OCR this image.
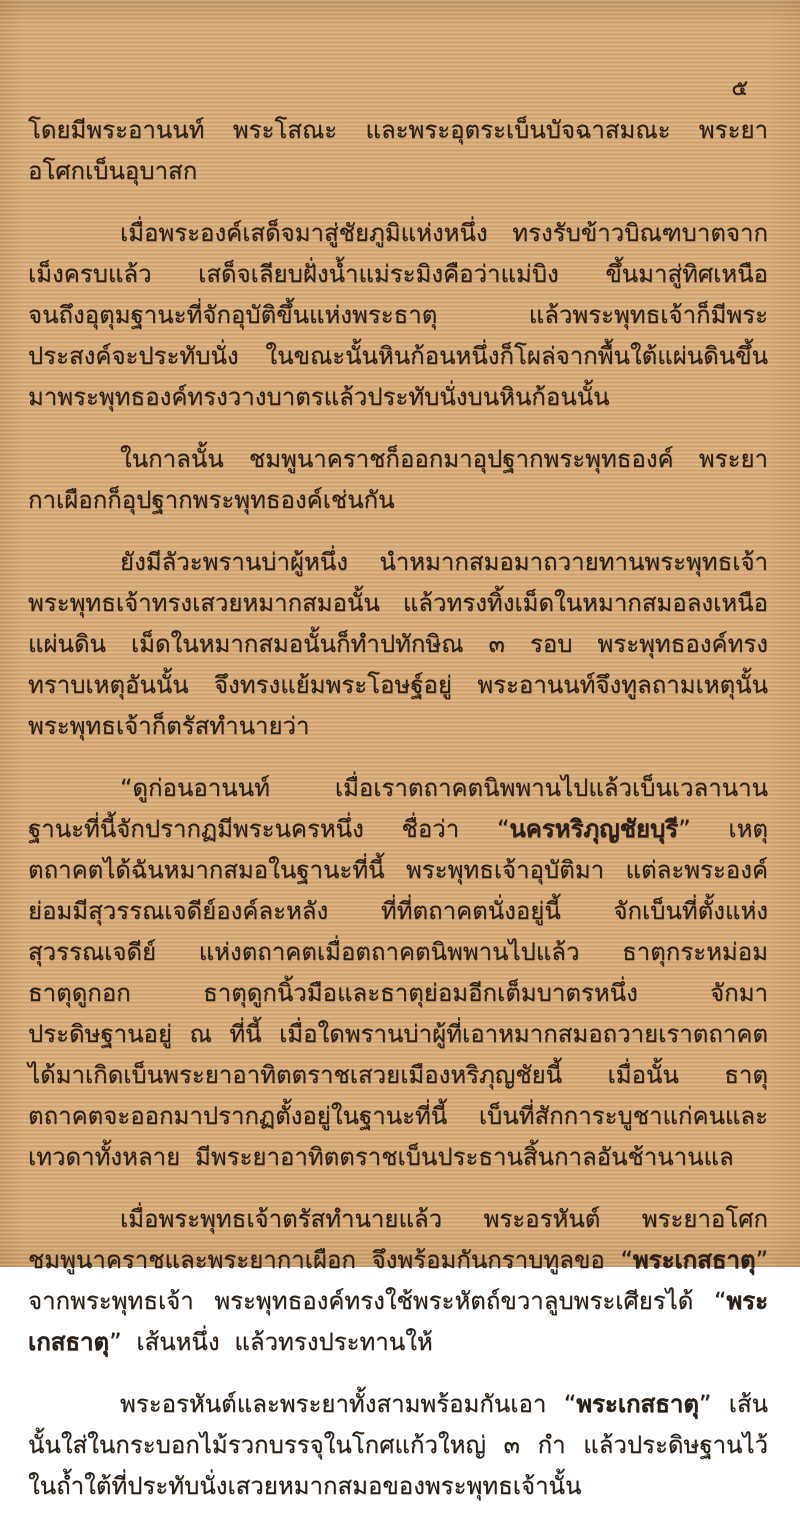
๕

โดยมีพระอานนท์ พระโสณะ และพระอุตระเบ็นบัจฉาสมณะ พระยาอโศกเบ็นอุบาสก

เมื่อพระองค์เสด็จมาสู่ชัยภูมิแห่งหนึ่ง ทรงรับข้าวบิณฑบาตจากเม็งครบแล้ว เสด็จเลียบฝั่งน้ำแม่ระมิงคือว่าแม่บิง ขึ้นมาสู่ทิศเหนือ จนถึงอุตุมฐานะที่จักอุบัติขึ้นแห่งพระธาตุ แล้วพระพุทธเจ้าก็มีพระประสงค์จะประทับนั่ง ในขณะนั้นหินก้อนหนึ่งก็โผล่จากพื้นใต้แผ่นดินขึ้นมาพระพุทธองค์ทรงวางบาตรแล้วประทับนั่งบนหินก้อนนั้น

ในกาลนั้น ชมพูนาคราชก็ออกมาอุปฐากพระพุทธองค์ พระยากาเผือกก็อุปฐากพระพุทธองค์เช่นกัน

ยังมีลัวะพรานบ่าผู้หนึ่ง นำหมากสมอมาถวายทานพระพุทธเจ้า พระพุทธเจ้าทรงเสวยหมากสมอนั้น แล้วทรงทิ้งเม็ดในหมากสมอลงเหนือแผ่นดิน เม็ดในหมากสมอนั้นก็ทำปทักษิณ ๓ รอบ พระพุทธองค์ทรงทราบเหตุอันนั้น จึงทรงแย้มพระโอษฐ์อยู่ พระอานนท์จึงทูลถามเหตุนั้นพระพุทธเจ้าก็ตรัสทำนายว่า

“ดูก่อนอานนท์ เมื่อเราตถาคตนิพพานไปแล้วเบ็นเวลานาน ฐานะที่นี้จักปรากฏมีพระนครหนึ่ง ชื่อว่า “นครหริภุญชัยบุรี” เหตุตถาคตได้ฉันหมากสมอในฐานะที่นี้ พระพุทธเจ้าอุบัติมา แต่ละพระองค์ ย่อมมีสุวรรณเจดีย์องค์ละหลัง ที่ที่ตถาคตนั่งอยู่นี้ จักเบ็นที่ตั้งแห่งสุวรรณเจดีย์ แห่งตถาคตเมื่อตถาคตนิพพานไปแล้ว ธาตุกระหม่อม ธาตุดูกอก ธาตุดูกนิ้วมือและธาตุย่อมอีกเต็มบาตรหนึ่ง จักมาประดิษฐานอยู่ ณ ที่นี้ เมื่อใดพรานบ่าผู้ที่เอาหมากสมอถวายเราตถาคตได้มาเกิดเบ็นพระยาอาทิตตราชเสวยเมืองหริภุญชัยนี้ เมื่อนั้น ธาตุตถาคตจะออกมาปรากฏตั้งอยู่ในฐานะที่นี้ เบ็นที่สักการะบูชาแก่คนและเทวดาทั้งหลาย มีพระยาอาทิตตราชเบ็นประธานสิ้นกาลอันช้านานแล

เมื่อพระพุทธเจ้าตรัสทำนายแล้ว พระอรหันต์ พระยาอโศก ชมพูนาคราชและพระยากาเผือก จึงพร้อมกันกราบทูลขอ “พระเกสธาตุ” จากพระพุทธเจ้า พระพุทธองค์ทรงใช้พระหัตถ์ขวาลูบพระเศียรได้ “พระเกสธาตุ” เส้นหนึ่ง แล้วทรงประทานให้

พระอรหันต์และพระยาทั้งสามพร้อมกันเอา “พระเกสธาตุ” เส้นนั้นใส่ในกระบอกไม้รวกบรรจุในโกศแก้วใหญ่ ๓ กำ แล้วประดิษฐานไว้ในถ้ำใต้ที่ประทับนั่งเสวยหมากสมอของพระพุทธเจ้านั้น
